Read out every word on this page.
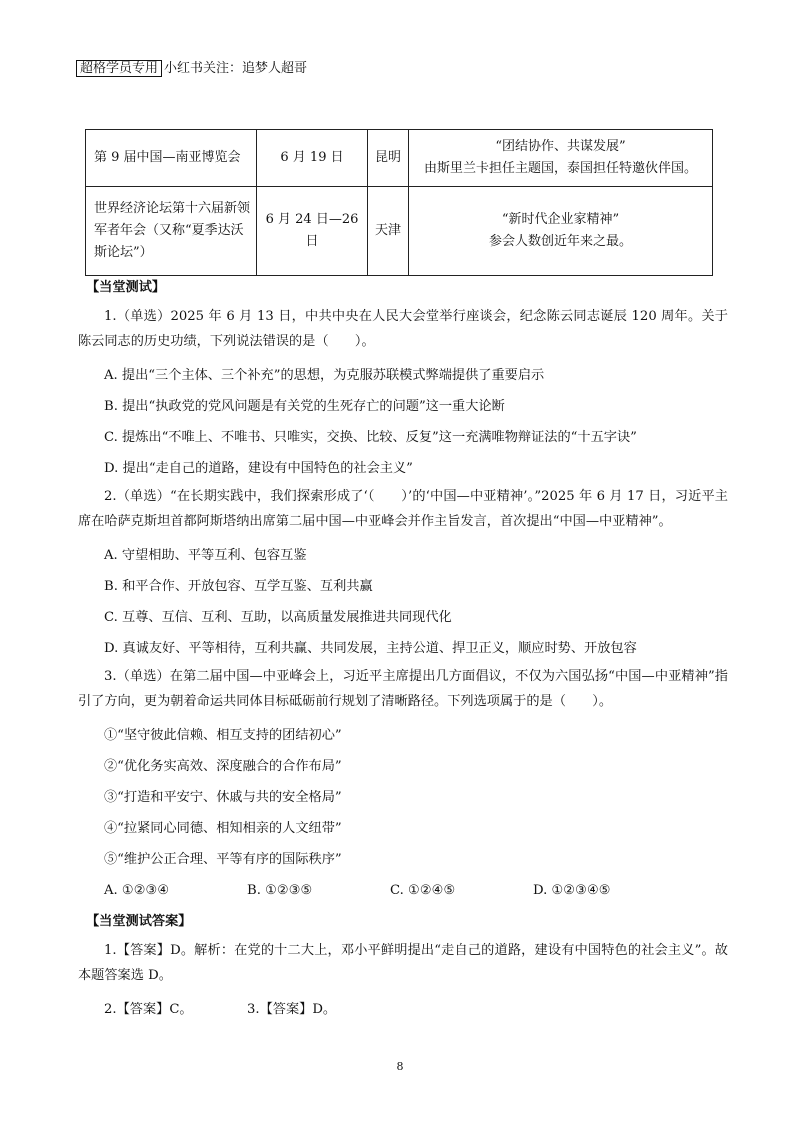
超格学员专用 小红书关注：追梦人超哥
第 9 届中国—南亚博览会	6 月 19 日	昆明	“团结协作、共谋发展”
由斯里兰卡担任主题国，泰国担任特邀伙伴国。

世界经济论坛第十六届新领军者年会（又称“夏季达沃斯论坛”）	6 月 24 日—26 日	天津	“新时代企业家精神”
参会人数创近年来之最。
【当堂测试】
1.（单选）2025 年 6 月 13 日，中共中央在人民大会堂举行座谈会，纪念陈云同志诞辰 120 周年。关于陈云同志的历史功绩，下列说法错误的是（　　）。
A. 提出“三个主体、三个补充”的思想，为克服苏联模式弊端提供了重要启示
B. 提出“执政党的党风问题是有关党的生死存亡的问题”这一重大论断
C. 提炼出“不唯上、不唯书、只唯实，交换、比较、反复”这一充满唯物辩证法的“十五字诀”
D. 提出“走自己的道路，建设有中国特色的社会主义”
2.（单选）“在长期实践中，我们探索形成了‘（　　）’的‘中国—中亚精神’。”2025 年 6 月 17 日，习近平主席在哈萨克斯坦首都阿斯塔纳出席第二届中国—中亚峰会并作主旨发言，首次提出“中国—中亚精神”。
A. 守望相助、平等互利、包容互鉴
B. 和平合作、开放包容、互学互鉴、互利共赢
C. 互尊、互信、互利、互助，以高质量发展推进共同现代化
D. 真诚友好、平等相待，互利共赢、共同发展，主持公道、捍卫正义，顺应时势、开放包容
3.（单选）在第二届中国—中亚峰会上，习近平主席提出几方面倡议，不仅为六国弘扬“中国—中亚精神”指引了方向，更为朝着命运共同体目标砥砺前行规划了清晰路径。下列选项属于的是（　　）。
①“坚守彼此信赖、相互支持的团结初心”
②“优化务实高效、深度融合的合作布局”
③“打造和平安宁、休戚与共的安全格局”
④“拉紧同心同德、相知相亲的人文纽带”
⑤“维护公正合理、平等有序的国际秩序”
A. ①②③④	B. ①②③⑤	C. ①②④⑤	D. ①②③④⑤
【当堂测试答案】
1.【答案】D。解析：在党的十二大上，邓小平鲜明提出“走自己的道路，建设有中国特色的社会主义”。故本题答案选 D。
2.【答案】C。	3.【答案】D。
8
